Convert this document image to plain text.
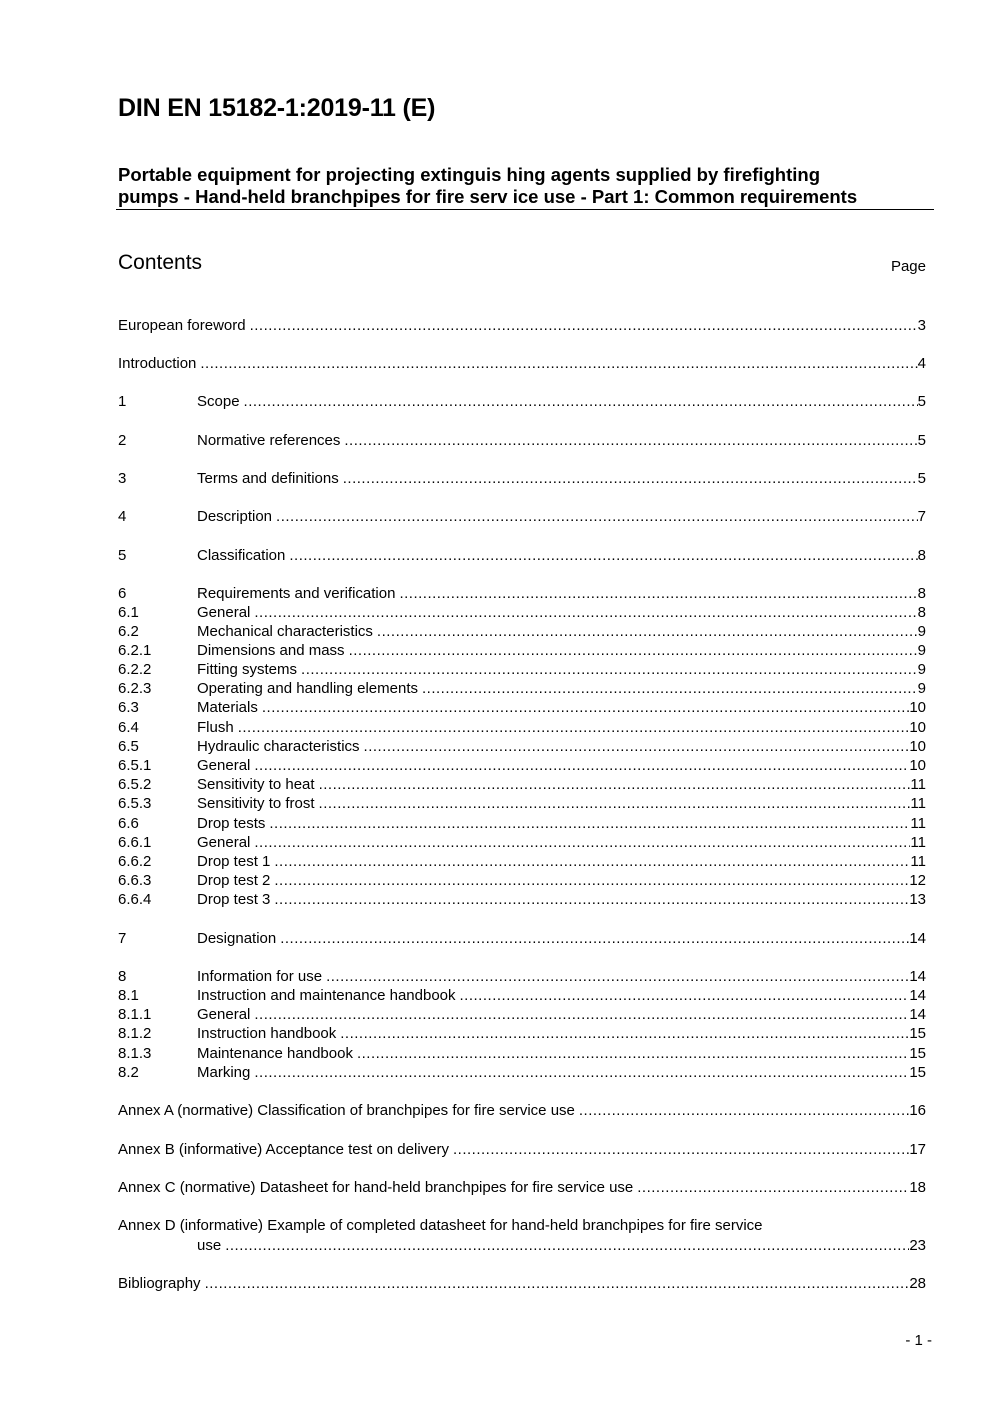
DIN EN 15182-1:2019-11 (E)
Portable equipment for projecting extinguis hing agents supplied by firefighting
pumps - Hand-held branchpipes for fire serv ice use - Part 1: Common requirements
Contents	Page
European foreword .....	3
Introduction .....	4
1	Scope .....	5
2	Normative references .....	5
3	Terms and definitions .....	5
4	Description .....	7
5	Classification .....	8
6	Requirements and verification .....	8
6.1	General .....	8
6.2	Mechanical characteristics .....	9
6.2.1	Dimensions and mass .....	9
6.2.2	Fitting systems .....	9
6.2.3	Operating and handling elements .....	9
6.3	Materials .....	10
6.4	Flush .....	10
6.5	Hydraulic characteristics .....	10
6.5.1	General .....	10
6.5.2	Sensitivity to heat .....	11
6.5.3	Sensitivity to frost .....	11
6.6	Drop tests .....	11
6.6.1	General .....	11
6.6.2	Drop test 1 .....	11
6.6.3	Drop test 2 .....	12
6.6.4	Drop test 3 .....	13
7	Designation .....	14
8	Information for use .....	14
8.1	Instruction and maintenance handbook .....	14
8.1.1	General .....	14
8.1.2	Instruction handbook .....	15
8.1.3	Maintenance handbook .....	15
8.2	Marking .....	15
Annex A (normative) Classification of branchpipes for fire service use .....	16
Annex B (informative) Acceptance test on delivery .....	17
Annex C (normative) Datasheet for hand-held branchpipes for fire service use .....	18
Annex D (informative) Example of completed datasheet for hand-held branchpipes for fire service
use .....	23
Bibliography .....	28
- 1 -
